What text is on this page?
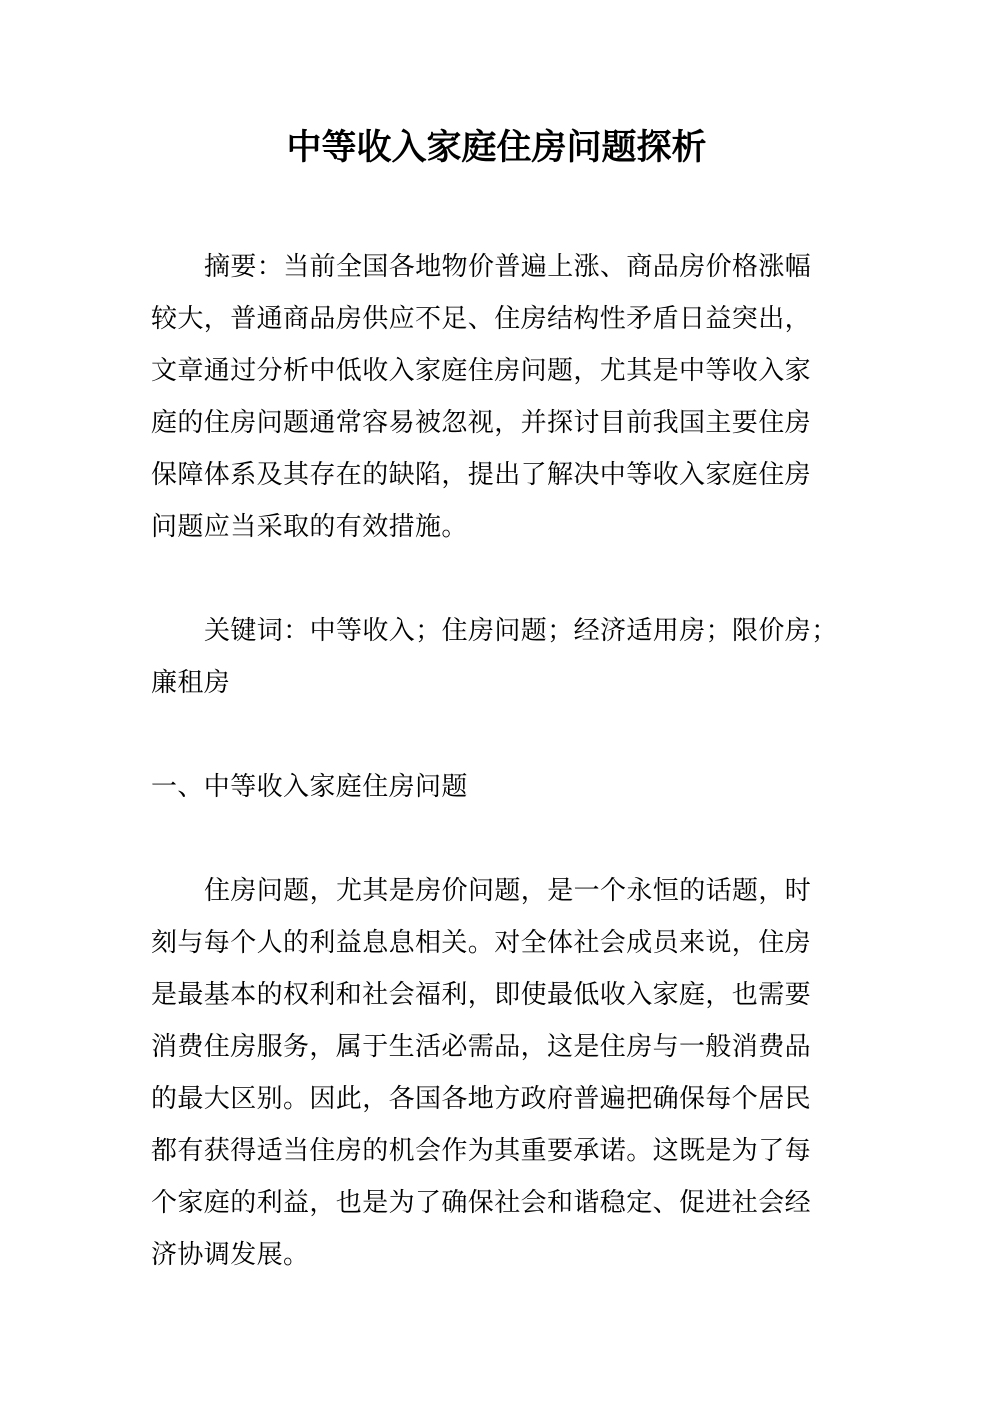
中等收入家庭住房问题探析
摘要：当前全国各地物价普遍上涨、商品房价格涨幅
较大，普通商品房供应不足、住房结构性矛盾日益突出，
文章通过分析中低收入家庭住房问题，尤其是中等收入家
庭的住房问题通常容易被忽视，并探讨目前我国主要住房
保障体系及其存在的缺陷，提出了解决中等收入家庭住房
问题应当采取的有效措施。
关键词：中等收入；住房问题；经济适用房；限价房；
廉租房
一、中等收入家庭住房问题
住房问题，尤其是房价问题，是一个永恒的话题，时
刻与每个人的利益息息相关。对全体社会成员来说，住房
是最基本的权利和社会福利，即使最低收入家庭，也需要
消费住房服务，属于生活必需品，这是住房与一般消费品
的最大区别。因此，各国各地方政府普遍把确保每个居民
都有获得适当住房的机会作为其重要承诺。这既是为了每
个家庭的利益，也是为了确保社会和谐稳定、促进社会经
济协调发展。
